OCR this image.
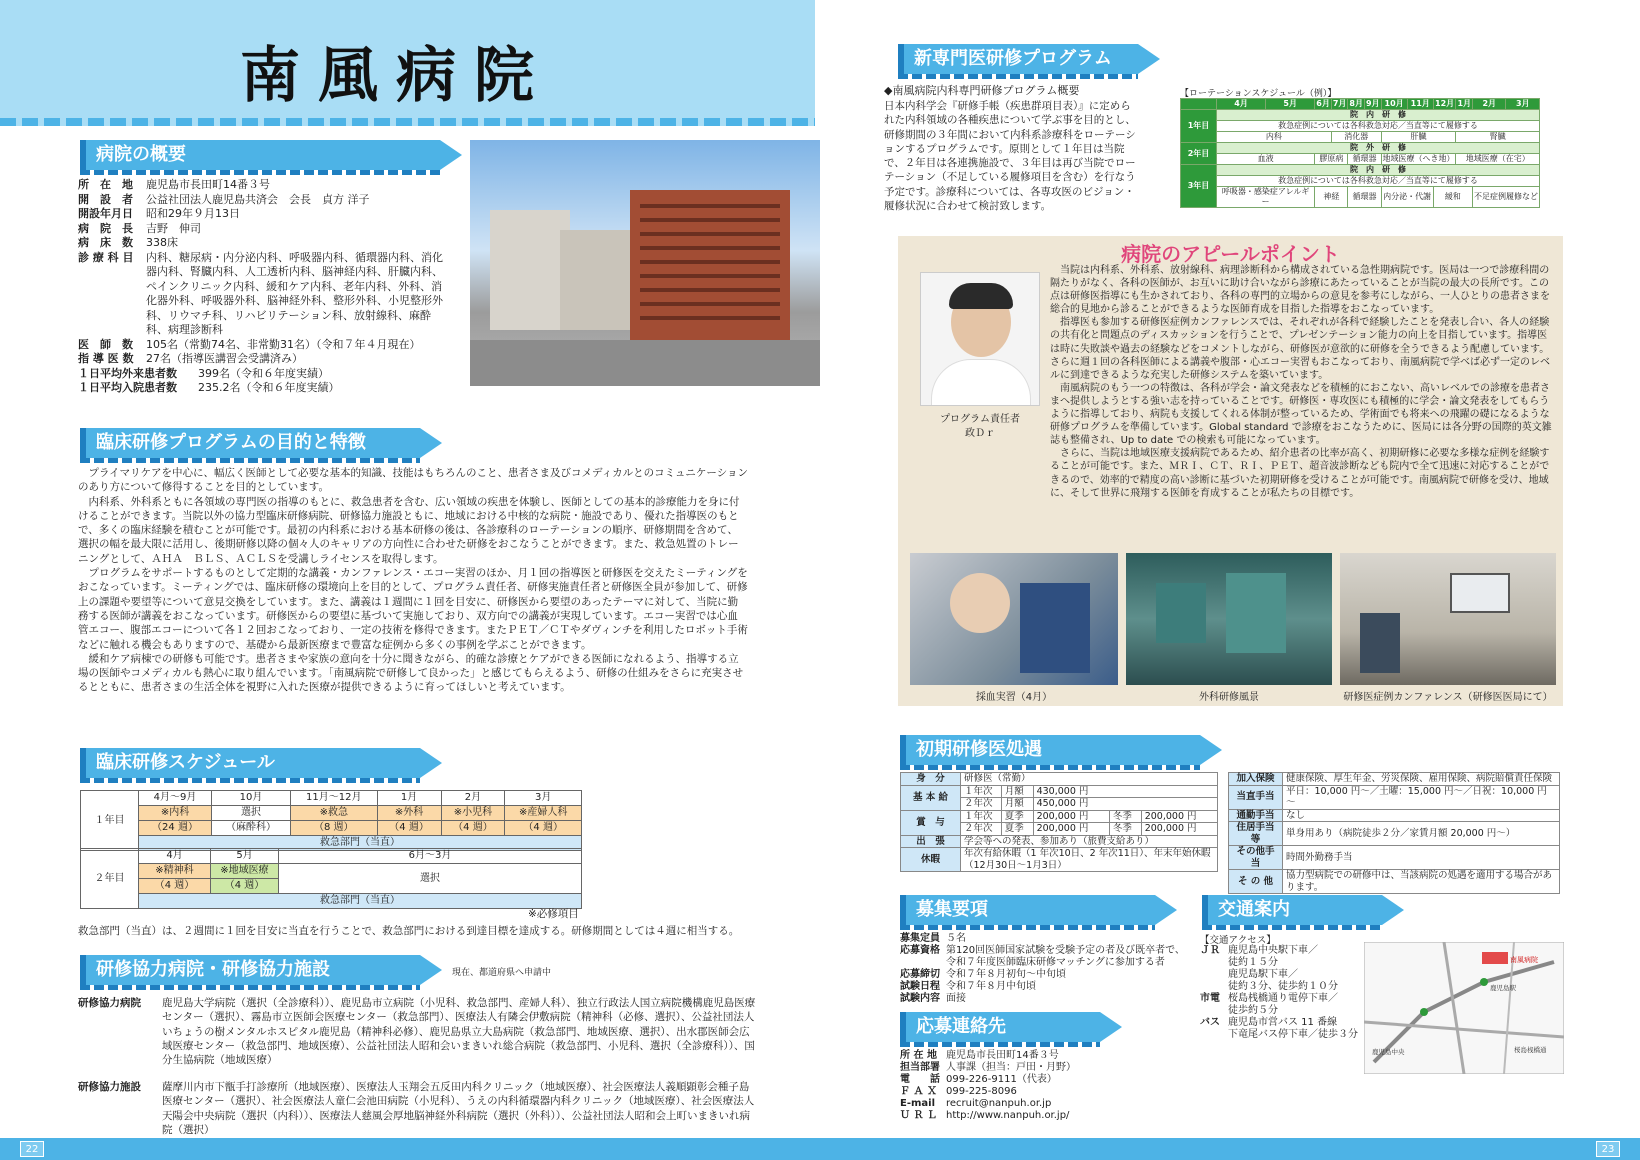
南風病院
病院の概要
所　在　地	鹿児島市長田町14番３号
開　設　者	公益社団法人鹿児島共済会　会長　貞方 洋子
開設年月日	昭和29年９月13日
病　院　長	吉野　伸司
病　床　数	338床
診 療 科 目	内科、糖尿病・内分泌内科、呼吸器内科、循環器内科、消化器内科、腎臓内科、人工透析内科、脳神経内科、肝臓内科、ペインクリニック内科、緩和ケア内科、老年内科、外科、消化器外科、呼吸器外科、脳神経外科、整形外科、小児整形外科、リウマチ科、リハビリテーション科、放射線科、麻酔科、病理診断科
医　師　数	105名（常勤74名、非常勤31名）（令和７年４月現在）
指 導 医 数	27名（指導医講習会受講済み）
１日平均外来患者数	399名（令和６年度実績）
１日平均入院患者数	235.2名（令和６年度実績）
臨床研修プログラムの目的と特徴

　プライマリケアを中心に、幅広く医師として必要な基本的知識、技能はもちろんのこと、患者さま及びコメディカルとのコミュニケーションのあり方について修得することを目的としています。

　内科系、外科系ともに各領域の専門医の指導のもとに、救急患者を含む、広い領域の疾患を体験し、医師としての基本的診療能力を身に付けることができます。当院以外の協力型臨床研修病院、研修協力施設ともに、地域における中核的な病院・施設であり、優れた指導医のもとで、多くの臨床経験を積むことが可能です。最初の内科系における基本研修の後は、各診療科のローテーションの順序、研修期間を含めて、選択の幅を最大限に活用し、後期研修以降の個々人のキャリアの方向性に合わせた研修をおこなうことができます。また、救急処置のトレーニングとして、ＡＨＡ　ＢＬＳ、ＡＣＬＳを受講しライセンスを取得します。

　プログラムをサポートするものとして定期的な講義・カンファレンス・エコー実習のほか、月１回の指導医と研修医を交えたミーティングをおこなっています。ミーティングでは、臨床研修の環境向上を目的として、プログラム責任者、研修実施責任者と研修医全員が参加して、研修上の課題や要望等について意見交換をしています。また、講義は１週間に１回を目安に、研修医から要望のあったテーマに対して、当院に勤務する医師が講義をおこなっています。研修医からの要望に基づいて実施しており、双方向での講義が実現しています。エコー実習では心血管エコー、腹部エコーについて各１２回おこなっており、一定の技術を修得できます。またＰＥＴ／ＣＴやダヴィンチを利用したロボット手術などに触れる機会もありますので、基礎から最新医療まで豊富な症例から多くの事例を学ぶことができます。

　緩和ケア病棟での研修も可能です。患者さまや家族の意向を十分に聞きながら、的確な診療とケアができる医師になれるよう、指導する立場の医師やコメディカルも熱心に取り組んでいます。「南風病院で研修して良かった」と感じてもらえるよう、研修の仕組みをさらに充実させるとともに、患者さまの生活全体を視野に入れた医療が提供できるように育ってほしいと考えています。

臨床研修スケジュール
１年目	4月～9月	10月	11月～12月	1月	2月	3月
	※内科	選択	※救急	※外科	※小児科	※産婦人科
	（24 週）	（麻酔科）	（8 週）	（4 週）	（4 週）	（4 週）
	救急部門（当直）					
２年目	4月	5月	6月～3月
	※精神科	※地域医療	選択
	（4 週）	（4 週）	
	救急部門（当直）		
※必修項目
救急部門（当直）は、２週間に１回を目安に当直を行うことで、救急部門における到達目標を達成する。研修期間としては４週に相当する。
研修協力病院・研修協力施設	現在、都道府県へ申請中
研修協力病院	鹿児島大学病院（選択（全診療科））、鹿児島市立病院（小児科、救急部門、産婦人科）、独立行政法人国立病院機構鹿児島医療センター（選択）、霧島市立医師会医療センター（救急部門）、医療法人有隣会伊敷病院（精神科（必修、選択）、公益社団法人いちょうの樹メンタルホスピタル鹿児島（精神科必修）、鹿児島県立大島病院（救急部門、地域医療、選択）、出水郡医師会広域医療センター（救急部門、地域医療）、公益社団法人昭和会いまきいれ総合病院（救急部門、小児科、選択（全診療科））、国分生協病院（地域医療）
研修協力施設	薩摩川内市下甑手打診療所（地域医療）、医療法人玉翔会五反田内科クリニック（地域医療）、社会医療法人義順顕彰会種子島医療センター（選択）、社会医療法人童仁会池田病院（小児科）、うえの内科循環器内科クリニック（地域医療）、社会医療法人天陽会中央病院（選択（内科））、医療法人慈風会厚地脳神経外科病院（選択（外科））、公益社団法人昭和会上町いまきいれ病院（選択）
新専門医研修プログラム
◆南風病院内科専門研修プログラム概要
日本内科学会『研修手帳（疾患群項目表）』に定められた内科領域の各種疾患について学ぶ事を目的とし、研修期間の３年間において内科系診療科をローテーションするプログラムです。原則として１年目は当院で、２年目は各連携施設で、３年目は再び当院でローテーション（不足している履修項目を含む）を行なう予定です。診療科については、各専攻医のビジョン・履修状況に合わせて検討致します。
【ローテーションスケジュール（例）】
	4月	5月	6月	7月	8月	9月	10月	11月	12月	1月	2月	3月
1年目	院　内　研　修											
	救急症例については各科救急対応／当直等にて履修する											
	内科			消化器			肝臓			腎臓		
2年目	院　外　研　修											
	血液		膠原病		循環器		地域医療（へき地）			地域医療（在宅）		
3年目	院　内　研　修											
	救急症例については各科救急対応／当直等にて履修する											
	呼吸器・感染症アレルギー		神経		循環器		内分泌・代謝		緩和		不足症例履修など	
病院のアピールポイント
プログラム責任者
政Ｄｒ

　当院は内科系、外科系、放射線科、病理診断科から構成されている急性期病院です。医局は一つで診療科間の隔たりがなく、各科の医師が、お互いに助け合いながら診療にあたっていることが当院の最大の長所です。この点は研修医指導にも生かされており、各科の専門的立場からの意見を参考にしながら、一人ひとりの患者さまを総合的見地から診ることができるような医師育成を目指した指導をおこなっています。

　指導医も参加する研修医症例カンファレンスでは、それぞれが各科で経験したことを発表し合い、各人の経験の共有化と問題点のディスカッションを行うことで、プレゼンテーション能力の向上を目指しています。指導医は時に失敗談や過去の経験などをコメントしながら、研修医が意欲的に研修を全うできるよう配慮しています。さらに週１回の各科医師による講義や腹部・心エコー実習もおこなっており、南風病院で学べば必ず一定のレベルに到達できるような充実した研修システムを築いています。

　南風病院のもう一つの特徴は、各科が学会・論文発表などを積極的におこない、高いレベルでの診療を患者さまへ提供しようとする強い志を持っていることです。研修医・専攻医にも積極的に学会・論文発表をしてもらうように指導しており、病院も支援してくれる体制が整っているため、学術面でも将来への飛躍の礎になるような研修プログラムを準備しています。Global standard で診療をおこなうために、医局には各分野の国際的英文雑誌も整備され、Up to date での検索も可能になっています。

　さらに、当院は地域医療支援病院であるため、紹介患者の比率が高く、初期研修に必要な多様な症例を経験することが可能です。また、ＭＲＩ、ＣＴ、ＲＩ、ＰＥＴ、超音波診断なども院内で全て迅速に対応することができるので、効率的で精度の高い診断に基づいた初期研修を受けることが可能です。南風病院で研修を受け、地域に、そして世界に飛翔する医師を育成することが私たちの目標です。

採血実習（4月）	外科研修風景	研修医症例カンファレンス（研修医医局にて）
初期研修医処遇
身　分	研修医（常勤）				
基 本 給	１年次	月額	430,000 円		
	２年次	月額	450,000 円		
賞　与	１年次	夏季	200,000 円	冬季	200,000 円
	２年次	夏季	200,000 円	冬季	200,000 円
出　張	学会等への発表、参加あり（旅費支給あり）				
休暇	年次有給休暇（1 年次10日、2 年次11日）、年末年始休暇（12月30日～1月3日）				
加入保険	健康保険、厚生年金、労災保険、雇用保険、病院賠償責任保険
当直手当	平日：10,000 円～／土曜：15,000 円～／日祝：10,000 円～
通勤手当	なし
住居手当等	単身用あり（病院徒歩２分／家賃月額 20,000 円～）
その他手当	時間外勤務手当
そ の 他	協力型病院での研修中は、当該病院の処遇を適用する場合があります。
募集要項
募集定員 ５名
応募資格 第120回医師国家試験を受験予定の者及び既卒者で、令和７年度医師臨床研修マッチングに参加する者
応募締切 令和７年８月初旬～中旬頃
試験日程 令和７年８月中旬頃
試験内容 面接
応募連絡先
所 在 地 鹿児島市長田町14番３号
担当部署 人事課（担当：戸田・月野）
電　　話 099-226-9111（代表）
Ｆ Ａ Ｘ 099-225-8096
E-mail	recruit@nanpuh.or.jp
Ｕ Ｒ Ｌ http://www.nanpuh.or.jp/
交通案内
【交通アクセス】
ＪＲ 鹿児島中央駅下車／
徒約１５分
鹿児島駅下車／
徒約３分、徒歩約１０分
市電 桜島桟橋通り電停下車／
徒歩約５分
バス 鹿児島市営バス 11 番線
下竜尾バス停下車／徒歩３分
南風病院
鹿児島中央
鹿児島駅
桜島桟橋通
22	23
